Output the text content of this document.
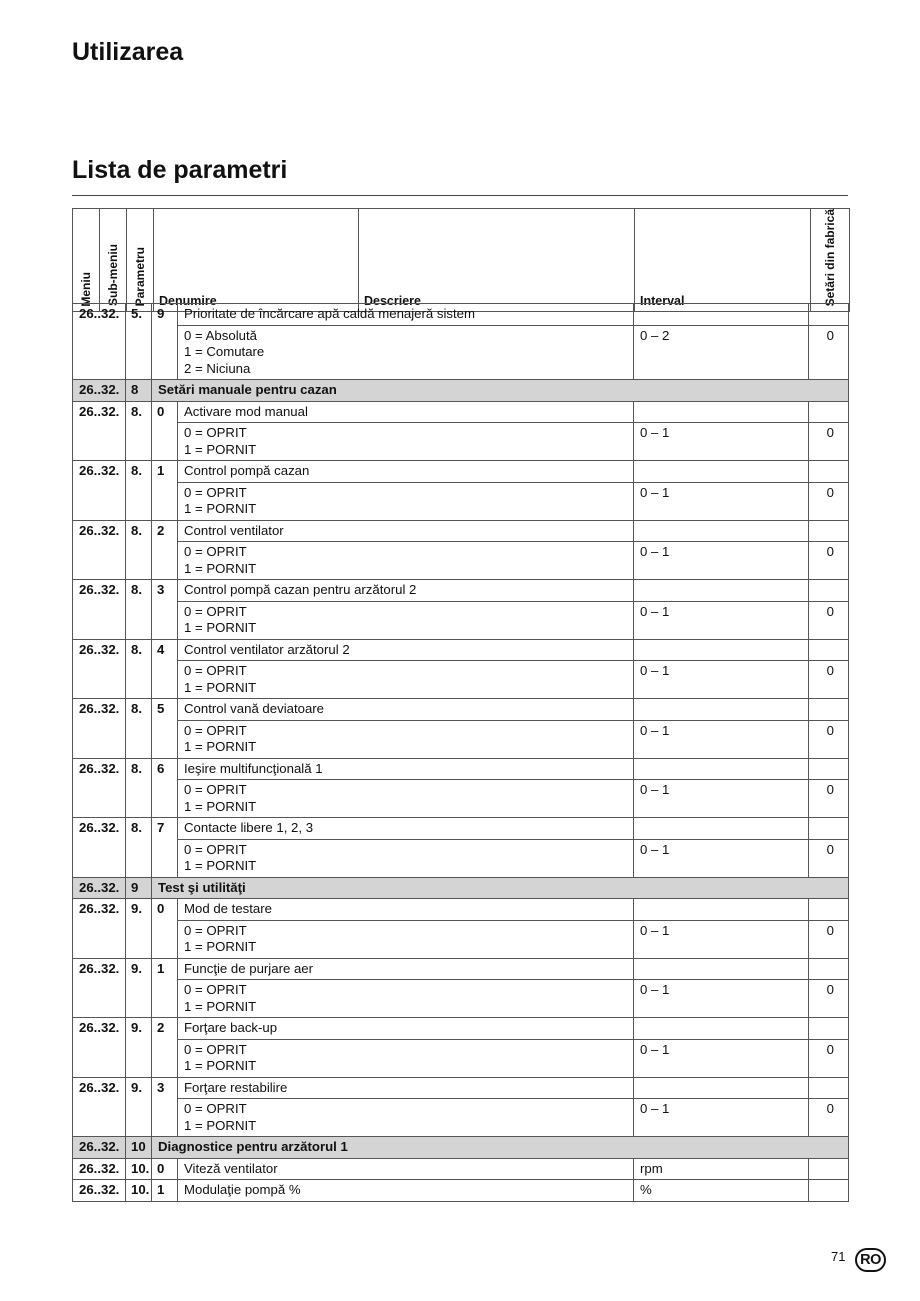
Utilizarea
Lista de parametri
Meniu	Sub-meniu	Parametru	Denumire	Descriere	Interval	Setări din fabrică
26..32.	5.	9	Prioritate de încărcare apă caldă menajeră sistem		

			0 = Absolută
1 = Comutare
2 = Niciuna	0 – 2	0
26..32.	8	Setări manuale pentru cazan			
26..32.	8.	0	Activare mod manual		

			0 = OPRIT
1 = PORNIT	0 – 1	0
26..32.	8.	1	Control pompă cazan		

			0 = OPRIT
1 = PORNIT	0 – 1	0
26..32.	8.	2	Control ventilator		

			0 = OPRIT
1 = PORNIT	0 – 1	0
26..32.	8.	3	Control pompă cazan pentru arzătorul 2		

			0 = OPRIT
1 = PORNIT	0 – 1	0
26..32.	8.	4	Control ventilator arzătorul 2		

			0 = OPRIT
1 = PORNIT	0 – 1	0
26..32.	8.	5	Control vană deviatoare		

			0 = OPRIT
1 = PORNIT	0 – 1	0
26..32.	8.	6	Ieşire multifuncţională 1		

			0 = OPRIT
1 = PORNIT	0 – 1	0
26..32.	8.	7	Contacte libere 1, 2, 3		

			0 = OPRIT
1 = PORNIT	0 – 1	0
26..32.	9	Test şi utilităţi			
26..32.	9.	0	Mod de testare		

			0 = OPRIT
1 = PORNIT	0 – 1	0
26..32.	9.	1	Funcţie de purjare aer		

			0 = OPRIT
1 = PORNIT	0 – 1	0
26..32.	9.	2	Forţare back-up		

			0 = OPRIT
1 = PORNIT	0 – 1	0
26..32.	9.	3	Forţare restabilire		

			0 = OPRIT
1 = PORNIT	0 – 1	0
26..32.	10	Diagnostice pentru arzătorul 1			
26..32.	10.	0	Viteză ventilator	rpm	
26..32.	10.	1	Modulaţie pompă %	%	
71	RO
